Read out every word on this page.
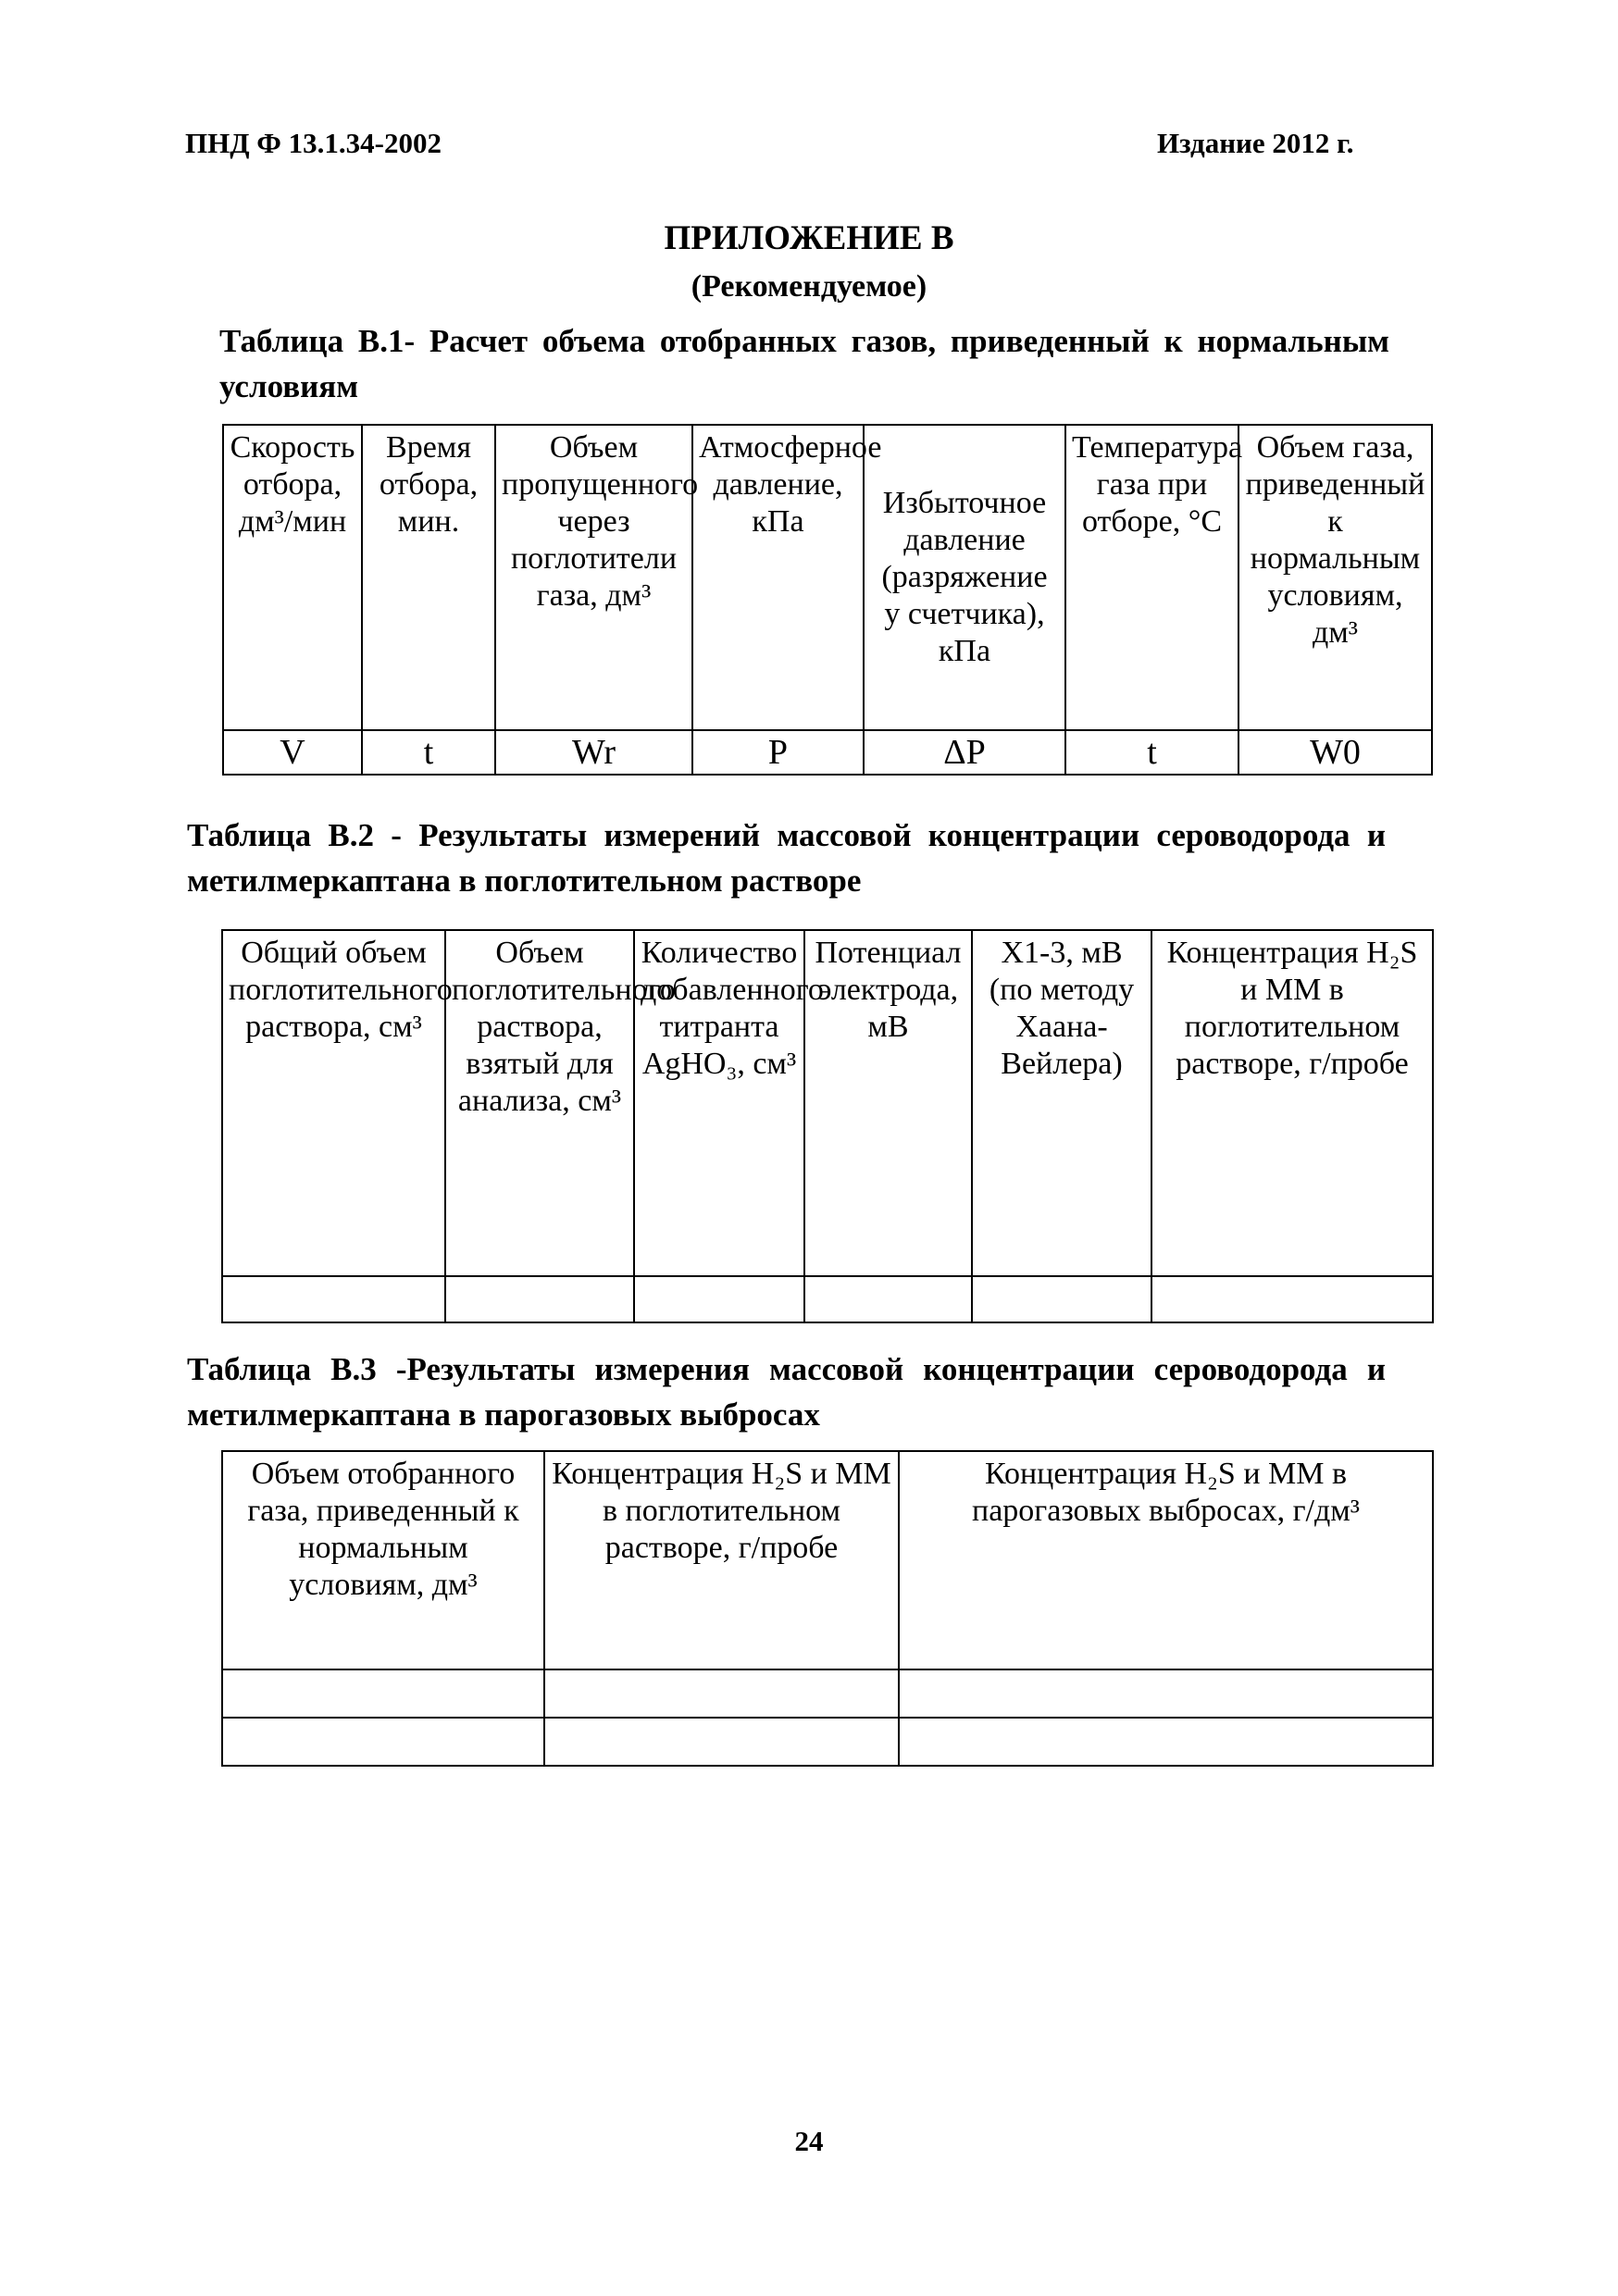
ПНД Ф 13.1.34-2002	Издание 2012 г.
ПРИЛОЖЕНИЕ В
(Рекомендуемое)
Таблица В.1- Расчет объема отобранных газов, приведенный к нормальным условиям
Скорость отбора, дм³/мин	Время отбора, мин.	Объем пропущенного через поглотители газа, дм³	Атмосферное давление, кПа	Избыточное давление (разряжение у счетчика), кПа	Температура газа при отборе, °С	Объем газа, приведенный к нормальным условиям, дм³
V	t	Wr	P	ΔP	t	W0
Таблица В.2 - Результаты измерений массовой концентрации сероводорода и метилмеркаптана в поглотительном растворе
Общий объем поглотительного раствора, см³	Объем поглотительного раствора, взятый для анализа, см³	Количество добавленного титранта AgHO₃, см³	Потенциал электрода, мВ	X1-3, мВ (по методу Хаана-Вейлера)	Концентрация H₂S и ММ в поглотительном растворе, г/пробе

Таблица В.3 -Результаты измерения массовой концентрации сероводорода и метилмеркаптана в парогазовых выбросах
Объем отобранного газа, приведенный к нормальным условиям, дм³	Концентрация H₂S и ММ в поглотительном растворе, г/пробе	Концентрация H₂S и ММ в парогазовых выбросах, г/дм³

24
